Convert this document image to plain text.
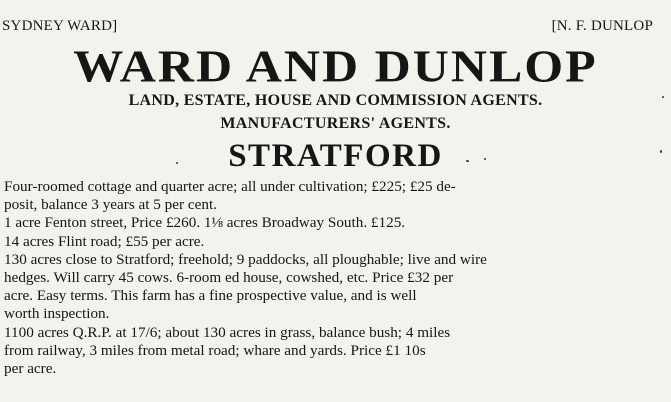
SYDNEY WARD]	[N. F. DUNLOP
WARD AND DUNLOP
LAND, ESTATE, HOUSE AND COMMISSION AGENTS.
MANUFACTURERS' AGENTS.
STRATFORD
Four-roomed cottage and quarter acre; all under cultivation; £225; £25 de-
posit, balance 3 years at 5 per cent.
1 acre Fenton street, Price £260. 1⅛ acres Broadway South. £125.
14 acres Flint road; £55 per acre.
130 acres close to Stratford; freehold; 9 paddocks, all ploughable; live and wire
hedges. Will carry 45 cows. 6-room ed house, cowshed, etc. Price £32 per
acre. Easy terms. This farm has a fine prospective value, and is well
worth inspection.
1100 acres Q.R.P. at 17/6; about 130 acres in grass, balance bush; 4 miles
from railway, 3 miles from metal road; whare and yards. Price £1 10s
per acre.
